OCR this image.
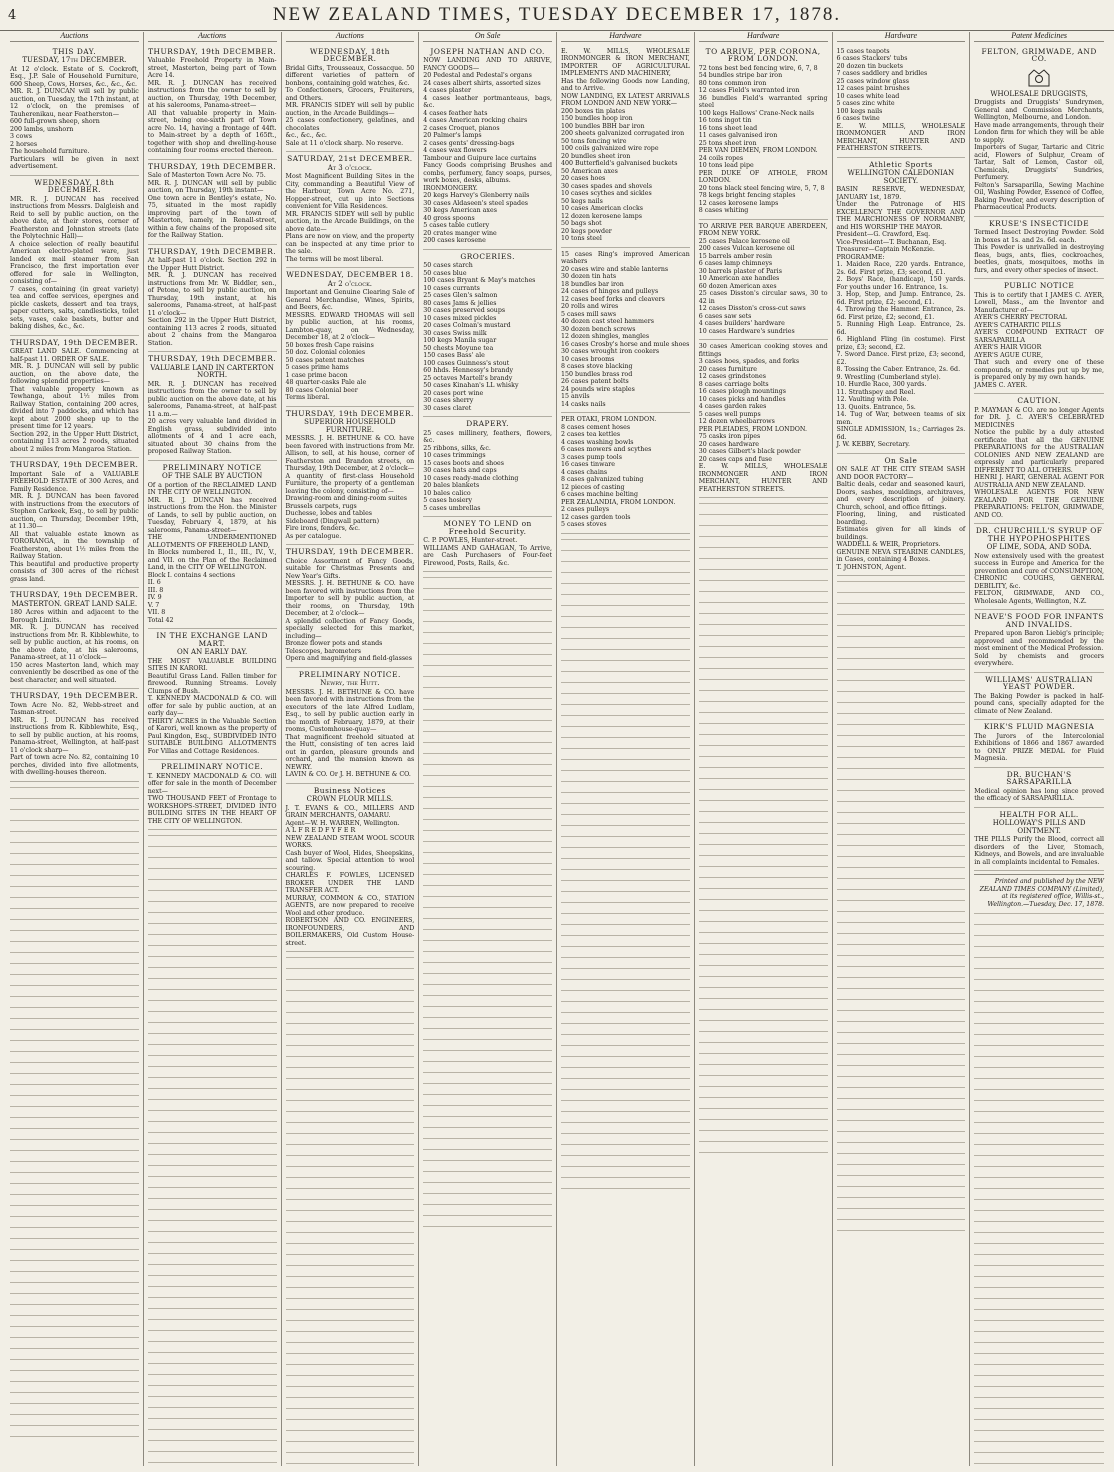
4	NEW ZEALAND TIMES, TUESDAY DECEMBER 17, 1878.
Auctions
THIS DAY.
TUESDAY, 17th DECEMBER.
At 12 o'clock. Estate of S. Cockroft, Esq., J.P. Sale of Household Furniture, 600 Sheep, Cows, Horses, &c., &c., &c.
MR. R. J. DUNCAN will sell by public auction, on Tuesday, the 17th instant, at 12 o'clock, on the premises of Tauherenikau, near Featherston—
600 full-grown sheep, shorn
200 lambs, unshorn
3 cows
2 horses
The household furniture.
Particulars will be given in next advertisement.
WEDNESDAY, 18th DECEMBER.
MR. R. J. DUNCAN has received instructions from Messrs. Dalgleish and Reid to sell by public auction, on the above date, at their stores, corner of Featherston and Johnston streets (late the Polytechnic Hall)—
A choice selection of really beautiful American electro-plated ware, just landed ex mail steamer from San Francisco, the first importation ever offered for sale in Wellington, consisting of—
7 cases, containing (in great variety) tea and coffee services, epergnes and pickle caskets, dessert and tea trays, paper cutters, salts, candlesticks, toilet sets, vases, cake baskets, butter and baking dishes, &c., &c.
THURSDAY, 19th DECEMBER.
GREAT LAND SALE. Commencing at half-past 11. ORDER OF SALE.
MR. R. J. DUNCAN will sell by public auction, on the above date, the following splendid properties—
That valuable property known as Tewhanga, about 1½ miles from Railway Station, containing 200 acres, divided into 7 paddocks, and which has kept about 2000 sheep up to the present time for 12 years.
Section 292, in the Upper Hutt District, containing 113 acres 2 roods, situated about 2 miles from Mangaroa Station.
THURSDAY, 19th DECEMBER.
Important Sale of a VALUABLE FREEHOLD ESTATE of 300 Acres, and Family Residence.
MR. R. J. DUNCAN has been favored with instructions from the executors of Stephen Carkeek, Esq., to sell by public auction, on Thursday, December 19th, at 11.30—
All that valuable estate known as TORORANGA, in the township of Featherston, about 1½ miles from the Railway Station.
This beautiful and productive property consists of 300 acres of the richest grass land.
THURSDAY, 19th DECEMBER.
MASTERTON. GREAT LAND SALE.
180 Acres within and adjacent to the Borough Limits.
MR. R. J. DUNCAN has received instructions from Mr. R. Kibblewhite, to sell by public auction, at his rooms, on the above date, at his salerooms, Panama-street, at 11 o'clock—
150 acres Masterton land, which may conveniently be described as one of the best character, and well situated.
THURSDAY, 19th DECEMBER.
Town Acre No. 82, Webb-street and Tasman-street.
MR. R. J. DUNCAN has received instructions from R. Kibblewhite, Esq., to sell by public auction, at his rooms, Panama-street, Wellington, at half-past 11 o'clock sharp—
Part of town acre No. 82, containing 10 perches, divided into five allotments, with dwelling-houses thereon.
Auctions
THURSDAY, 19th DECEMBER.
Valuable Freehold Property in Main-street, Masterton, being part of Town Acre 14.
MR. R. J. DUNCAN has received instructions from the owner to sell by auction, on Thursday, 19th December, at his salerooms, Panama-street—
All that valuable property in Main-street, being one-sixth part of Town acre No. 14, having a frontage of 44ft. to Main-street by a depth of 165ft., together with shop and dwelling-house containing four rooms erected thereon.
THURSDAY, 19th DECEMBER.
Sale of Masterton Town Acre No. 75.
MR. R. J. DUNCAN will sell by public auction, on Thursday, 19th instant—
One town acre in Bentley's estate, No. 75, situated in the most rapidly improving part of the town of Masterton, namely, in Renall-street, within a few chains of the proposed site for the Railway Station.
THURSDAY, 19th DECEMBER.
At half-past 11 o'clock. Section 292 in the Upper Hutt District.
MR. R. J. DUNCAN has received instructions from Mr. W. Biddler, sen., of Petone, to sell by public auction, on Thursday, 19th instant, at his salerooms, Panama-street, at half-past 11 o'clock—
Section 292 in the Upper Hutt District, containing 113 acres 2 roods, situated about 2 chains from the Mangaroa Station.
THURSDAY, 19th DECEMBER.
VALUABLE LAND IN CARTERTON NORTH.
MR. R. J. DUNCAN has received instructions from the owner to sell by public auction on the above date, at his salerooms, Panama-street, at half-past 11 a.m.—
20 acres very valuable land divided in English grass, subdivided into allotments of 4 and 1 acre each, situated about 30 chains from the proposed Railway Station.
PRELIMINARY NOTICE
OF THE SALE BY AUCTION
Of a portion of the RECLAIMED LAND IN THE CITY OF WELLINGTON.
MR. R. J. DUNCAN has received instructions from the Hon. the Minister of Lands, to sell by public auction, on Tuesday, February 4, 1879, at his salerooms, Panama-street—
THE UNDERMENTIONED ALLOTMENTS OF FREEHOLD LAND,
In Blocks numbered I., II., III., IV., V., and VII. on the Plan of the Reclaimed Land, in the CITY OF WELLINGTON.
Block I. contains 4 sections
II. 6
III. 8
IV. 9
V. 7
VII. 8
Total 42
IN THE EXCHANGE LAND MART.
ON AN EARLY DAY.
THE MOST VALUABLE BUILDING SITES IN KARORI.
Beautiful Grass Land. Fallen timber for firewood. Running Streams. Lovely Clumps of Bush.
T. KENNEDY MACDONALD & CO. will offer for sale by public auction, at an early day—
THIRTY ACRES in the Valuable Section of Karori, well known as the property of Paul Kingdon, Esq., SUBDIVIDED INTO SUITABLE BUILDING ALLOTMENTS For Villas and Cottage Residences.
PRELIMINARY NOTICE.
T. KENNEDY MACDONALD & CO. will offer for sale in the month of December next—
TWO THOUSAND FEET of Frontage to WORKSHOPS-STREET, DIVIDED INTO BUILDING SITES IN THE HEART OF THE CITY OF WELLINGTON.
Auctions
WEDNESDAY, 18th DECEMBER.
Bridal Gifts, Trousseaux, Cossacque. 50 different varieties of pattern of bonbons, containing gold watches, &c.
To Confectioners, Grocers, Fruiterers, and Others.
MR. FRANCIS SIDEY will sell by public auction, in the Arcade Buildings—
25 cases confectionery, gelatines, and chocolates
&c., &c., &c.
Sale at 11 o'clock sharp. No reserve.
SATURDAY, 21st DECEMBER.
At 3 o'clock.
Most Magnificent Building Sites in the City, commanding a Beautiful View of the Harbour, Town Acre No. 271, Hopper-street, cut up into Sections convenient for Villa Residences.
MR. FRANCIS SIDEY will sell by public auction, in the Arcade Buildings, on the above date—
Plans are now on view, and the property can be inspected at any time prior to the sale.
The terms will be most liberal.
WEDNESDAY, DECEMBER 18.
At 2 o'clock.
Important and Genuine Clearing Sale of General Merchandise, Wines, Spirits, and Beers, &c.
MESSRS. EDWARD THOMAS will sell by public auction, at his rooms, Lambton-quay, on Wednesday, December 18, at 2 o'clock—
50 boxes fresh Cape raisins
50 doz. Colonial colonies
50 cases patent matches
5 cases prime hams
1 case prime bacon
48 quarter-casks Pale ale
80 cases Colonial beer
Terms liberal.
THURSDAY, 19th DECEMBER.
SUPERIOR HOUSEHOLD FURNITURE.
MESSRS. J. H. BETHUNE & CO. have been favored with instructions from Mr. Allison, to sell, at his house, corner of Featherston and Brandon streets, on Thursday, 19th December, at 2 o'clock—
A quantity of first-class Household Furniture, the property of a gentleman leaving the colony, consisting of—
Drawing-room and dining-room suites
Brussels carpets, rugs
Duchesse, lobes and tables
Sideboard (Dingwall pattern)
Fire irons, fenders, &c.
As per catalogue.
THURSDAY, 19th DECEMBER.
Choice Assortment of Fancy Goods, suitable for Christmas Presents and New Year's Gifts.
MESSRS. J. H. BETHUNE & CO. have been favored with instructions from the Importer to sell by public auction, at their rooms, on Thursday, 19th December, at 2 o'clock—
A splendid collection of Fancy Goods, specially selected for this market, including—
Bronze flower pots and stands
Telescopes, barometers
Opera and magnifying and field-glasses
PRELIMINARY NOTICE.
Newry, the Hutt.
MESSRS. J. H. BETHUNE & CO. have been favored with instructions from the executors of the late Alfred Ludlam, Esq., to sell by public auction early in the month of February, 1879, at their rooms, Customhouse-quay—
That magnificent freehold situated at the Hutt, consisting of ten acres laid out in garden, pleasure grounds and orchard, and the mansion known as NEWRY.
LAVIN & CO. Or J. H. BETHUNE & CO.
Business Notices
CROWN FLOUR MILLS.
J. T. EVANS & CO., MILLERS AND GRAIN MERCHANTS, OAMARU.
Agent—W. H. WARREN, Wellington.
A L F R E D F Y F E R
NEW ZEALAND STEAM WOOL SCOUR WORKS.
Cash buyer of Wool, Hides, Sheepskins, and tallow. Special attention to wool scouring.
CHARLES F. FOWLES, LICENSED BROKER UNDER THE LAND TRANSFER ACT.
MURRAY, COMMON & CO., STATION AGENTS, are now prepared to receive Wool and other produce.
ROBERTSON AND CO. ENGINEERS, IRONFOUNDERS, AND BOILERMAKERS, Old Custom House-street.
On Sale
JOSEPH NATHAN AND CO.
NOW LANDING AND TO ARRIVE, FANCY GOODS—
20 Pedestal and Pedestal's organs
24 cases albert shirts, assorted sizes
4 cases plaster
4 cases leather portmanteaus, bags, &c.
4 cases feather hats
4 cases American rocking chairs
2 cases Croquet, pianos
20 Palmer's lamps
2 cases gents' dressing-bags
4 cases wax flowers
Tambour and Guipure lace curtains
Fancy Goods comprising Brushes and combs, perfumery, fancy soaps, purses, work boxes, desks, albums.
IRONMONGERY.
20 kegs Harvey's Glenberry nails
30 cases Aldaseen's steel spades
30 kegs American axes
40 gross spoons
5 cases table cutlery
20 crates manger wine
200 cases kerosene
GROCERIES.
50 cases starch
50 cases blue
100 cases Bryant & May's matches
10 cases currants
25 cases Glen's salmon
80 cases Jams & jellies
30 cases preserved soups
10 cases mixed pickles
20 cases Colman's mustard
30 cases Swiss milk
100 kegs Manila sugar
50 chests Moyune tea
150 cases Bass' ale
100 cases Guinness's stout
60 hhds. Hennessy's brandy
25 octaves Martell's brandy
50 cases Kinahan's LL whisky
20 cases port wine
30 cases sherry
30 cases claret
DRAPERY.
25 cases millinery, feathers, flowers, &c.
25 ribbons, silks, &c.
10 cases trimmings
15 cases boots and shoes
30 cases hats and caps
10 cases ready-made clothing
20 bales blankets
10 bales calico
5 cases hosiery
5 cases umbrellas
MONEY TO LEND on Freehold Security.
C. P. POWLES, Hunter-street.
WILLIAMS AND GAHAGAN, To Arrive, are Cash Purchasers of Four-feet Firewood, Posts, Rails, &c.
Hardware
E. W. MILLS, WHOLESALE IRONMONGER & IRON MERCHANT, IMPORTER OF AGRICULTURAL IMPLEMENTS AND MACHINERY,
Has the following Goods now Landing, and to Arrive.
NOW LANDING, EX LATEST ARRIVALS FROM LONDON AND NEW YORK—
200 boxes tin plates
150 bundles hoop iron
100 bundles BBH bar iron
200 sheets galvanized corrugated iron
50 tons fencing wire
100 coils galvanized wire rope
20 bundles sheet iron
400 Butterfield's galvanised buckets
50 American axes
20 cases hoes
30 cases spades and shovels
10 cases scythes and sickles
50 kegs nails
10 cases American clocks
12 dozen kerosene lamps
50 bags shot
20 kegs powder
10 tons steel
15 cases Ring's improved American washers
20 cases wire and stable lanterns
30 dozen tin hats
18 bundles bar iron
24 cases of hinges and pulleys
12 cases beef forks and cleavers
20 rolls and wires
5 cases mill saws
40 dozen cast steel hammers
30 dozen bench screws
12 dozen shingles, mangles
16 cases Crosby's horse and mule shoes
30 cases wrought iron cookers
10 cases brooms
8 cases stove blacking
150 bundles brass rod
26 cases patent bolts
24 pounds wire staples
15 anvils
14 casks nails
PER OTAKI, FROM LONDON.
8 cases cement hoses
2 cases tea kettles
4 cases washing bowls
6 cases mowers and scythes
3 cases pump tools
16 cases tinware
4 cases chains
8 cases galvanized tubing
12 pieces of casting
6 cases machine belting
PER ZEALANDIA, FROM LONDON.
2 cases pulleys
12 cases garden tools
5 cases stoves
Hardware
TO ARRIVE, PER CORONA, FROM LONDON.
72 tons best bed fencing wire, 6, 7, 8
54 bundles stripe bar iron
80 tons common iron
12 cases Field's warranted iron
36 bundles Field's warranted spring steel
100 kegs Hallows' Crane-Neck nails
16 tons ingot tin
16 tons sheet lead
11 cases galvanised iron
25 tons sheet iron
PER VAN DIEMEN, FROM LONDON.
24 coils ropes
10 tons lead pipe
PER DUKE OF ATHOLE, FROM LONDON.
20 tons black steel fencing wire, 5, 7, 8
78 kegs bright fencing staples
12 cases kerosene lamps
8 cases whiting
TO ARRIVE PER BARQUE ABERDEEN, FROM NEW YORK.
25 cases Palace kerosene oil
200 cases Vulcan kerosene oil
15 barrels amber resin
6 cases lamp chimneys
30 barrels plaster of Paris
10 American axe handles
60 dozen American axes
25 cases Disston's circular saws, 30 to 42 in
12 cases Disston's cross-cut saws
6 cases saw sets
4 cases builders' hardware
10 cases Hardware's sundries
30 cases American cooking stoves and fittings
3 cases hoes, spades, and forks
20 cases furniture
12 cases grindstones
8 cases carriage bolts
16 cases plough mountings
10 cases picks and handles
4 cases garden rakes
5 cases well pumps
12 dozen wheelbarrows
PER PLEIADES, FROM LONDON.
75 casks iron pipes
20 cases hardware
30 cases Gilbert's black powder
20 cases caps and fuse
E. W. MILLS, WHOLESALE IRONMONGER AND IRON MERCHANT, HUNTER AND FEATHERSTON STREETS.
Hardware
15 cases teapots
6 cases Stackers' tubs
20 dozen tin buckets
7 cases saddlery and bridles
25 cases window glass
12 cases paint brushes
10 cases white lead
5 cases zinc white
100 kegs nails
6 cases twine
E. W. MILLS, WHOLESALE IRONMONGER AND IRON MERCHANT, HUNTER AND FEATHERSTON STREETS.
Athletic Sports
WELLINGTON CALEDONIAN SOCIETY.
BASIN RESERVE, WEDNESDAY, JANUARY 1st, 1879.
Under the Patronage of HIS EXCELLENCY THE GOVERNOR AND THE MARCHIONESS OF NORMANBY, and HIS WORSHIP THE MAYOR.
President—G. Crawford, Esq.
Vice-President—T. Buchanan, Esq.
Treasurer—Captain McKenzie.
PROGRAMME:
1. Maiden Race, 220 yards. Entrance, 2s. 6d. First prize, £3; second, £1.
2. Boys' Race, (handicap), 150 yards. For youths under 16. Entrance, 1s.
3. Hop, Step, and Jump. Entrance, 2s. 6d. First prize, £2; second, £1.
4. Throwing the Hammer. Entrance, 2s. 6d. First prize, £2; second, £1.
5. Running High Leap. Entrance, 2s. 6d.
6. Highland Fling (in costume). First prize, £3; second, £2.
7. Sword Dance. First prize, £3; second, £2.
8. Tossing the Caber. Entrance, 2s. 6d.
9. Wrestling (Cumberland style).
10. Hurdle Race, 300 yards.
11. Strathspey and Reel.
12. Vaulting with Pole.
13. Quoits. Entrance, 5s.
14. Tug of War, between teams of six men.
SINGLE ADMISSION, 1s.; Carriages 2s. 6d.
J. W. KEBBY, Secretary.
On Sale
ON SALE AT THE CITY STEAM SASH AND DOOR FACTORY—
Baltic deals, cedar and seasoned kauri, Doors, sashes, mouldings, architraves, and every description of joinery. Church, school, and office fittings.
Flooring, lining, and rusticated boarding.
Estimates given for all kinds of buildings.
WADDELL & WEIR, Proprietors.
GENUINE NEVA STEARINE CANDLES, in Cases, containing 4 Boxes.
T. JOHNSTON, Agent.
Patent Medicines
FELTON, GRIMWADE, AND CO.
WHOLESALE DRUGGISTS,
Druggists and Druggists' Sundrymen, General and Commission Merchants, Wellington, Melbourne, and London.
Have made arrangements, through their London firm for which they will be able to supply.
Importers of Sugar, Tartaric and Citric acid, Flowers of Sulphur, Cream of Tartar, Salt of Lemon, Castor oil, Chemicals, Druggists' Sundries, Perfumery.
Felton's Sarsaparilla, Sewing Machine Oil, Washing Powder, Essence of Coffee, Baking Powder, and every description of Pharmaceutical Products.
KRUSE'S INSECTICIDE
Termed Insect Destroying Powder. Sold in boxes at 1s. and 2s. 6d. each.
This Powder is unrivalled in destroying fleas, bugs, ants, flies, cockroaches, beetles, gnats, mosquitoes, moths in furs, and every other species of insect.
PUBLIC NOTICE
This is to certify that I JAMES C. AYER, Lowell, Mass., am the Inventor and Manufacturer of—
AYER'S CHERRY PECTORAL
AYER'S CATHARTIC PILLS
AYER'S COMPOUND EXTRACT OF SARSAPARILLA
AYER'S HAIR VIGOR
AYER'S AGUE CURE,
That such and every one of these compounds, or remedies put up by me, is prepared only by my own hands.
JAMES C. AYER.
CAUTION.
P. MAYMAN & CO. are no longer Agents for DR. J. C. AYER'S CELEBRATED MEDICINES
Notice the public by a duly attested certificate that all the GENUINE PREPARATIONS for the AUSTRALIAN COLONIES AND NEW ZEALAND are expressly and particularly prepared DIFFERENT TO ALL OTHERS.
HENRI J. HART, GENERAL AGENT FOR AUSTRALIA AND NEW ZEALAND.
WHOLESALE AGENTS FOR NEW ZEALAND FOR THE GENUINE PREPARATIONS: FELTON, GRIMWADE, AND CO.
DR. CHURCHILL'S SYRUP OF THE HYPOPHOSPHITES
OF LIME, SODA, AND SODA.
Now extensively used with the greatest success in Europe and America for the prevention and cure of CONSUMPTION, CHRONIC COUGHS, GENERAL DEBILITY, &c.
FELTON, GRIMWADE, AND CO., Wholesale Agents, Wellington, N.Z.
NEAVE'S FOOD FOR INFANTS AND INVALIDS.
Prepared upon Baron Liebig's principle; approved and recommended by the most eminent of the Medical Profession.
Sold by chemists and grocers everywhere.
WILLIAMS' AUSTRALIAN YEAST POWDER.
The Baking Powder is packed in half-pound cans, specially adapted for the climate of New Zealand.
KIRK'S FLUID MAGNESIA
The Jurors of the Intercolonial Exhibitions of 1866 and 1867 awarded to ONLY PRIZE MEDAL for Fluid Magnesia.
DR. BUCHAN'S SARSAPARILLA
Medical opinion has long since proved the efficacy of SARSAPARILLA.
HEALTH FOR ALL.
HOLLOWAY'S PILLS AND OINTMENT.
THE PILLS Purify the Blood, correct all disorders of the Liver, Stomach, Kidneys, and Bowels, and are invaluable in all complaints incidental to Females.
Printed and published by the NEW ZEALAND TIMES COMPANY (Limited), at its registered office, Willis-st., Wellington.—Tuesday, Dec. 17, 1878.
